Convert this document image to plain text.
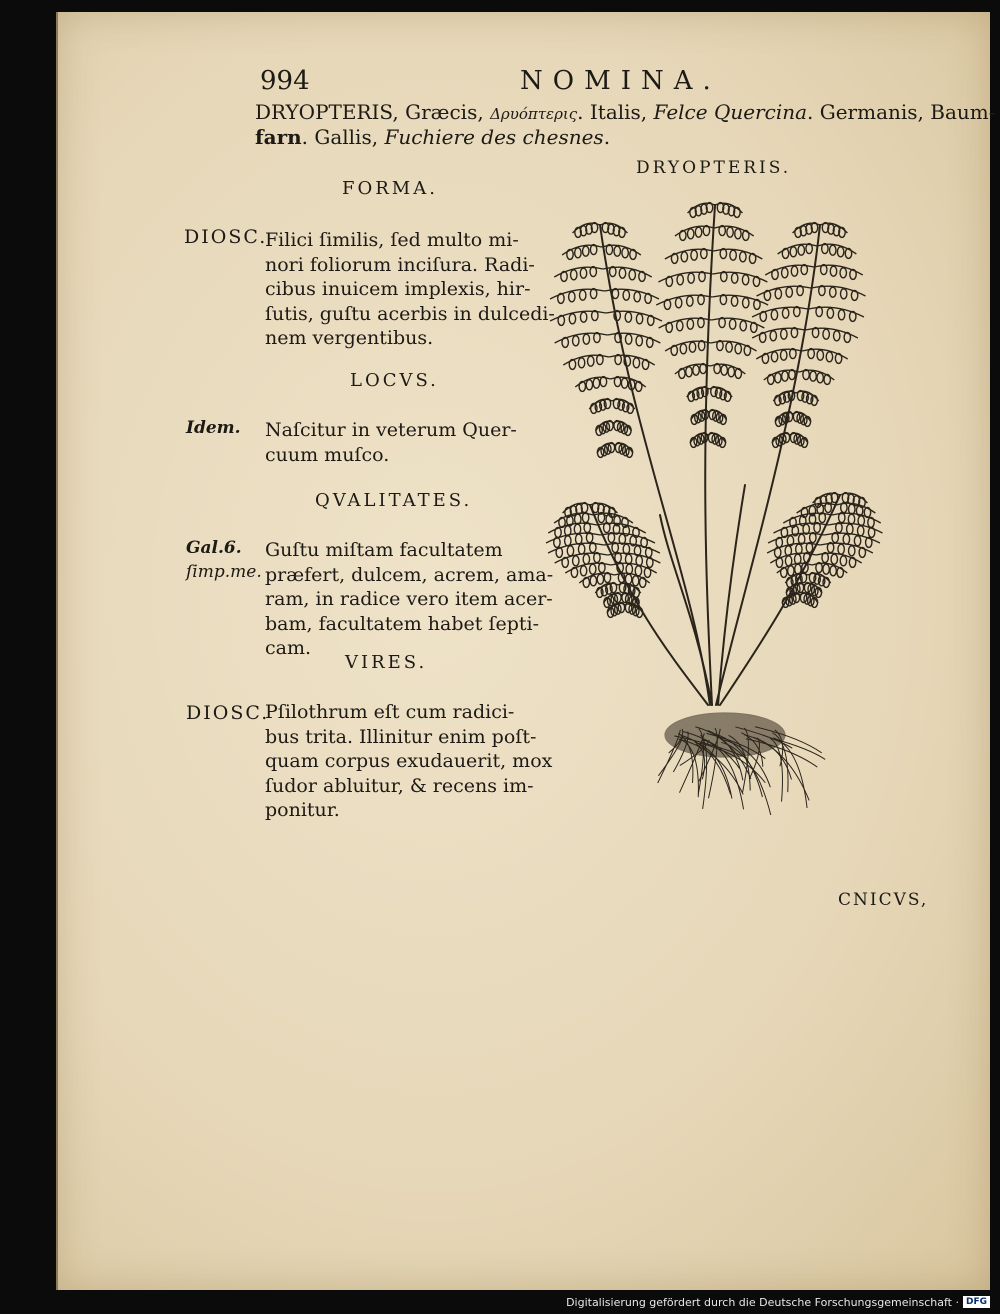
994	NOMINA.
DRYOPTERIS, Græcis, Δρυόπτερις. Italis, Felce Quercina. Germanis, Baum-
farn. Gallis, Fuchiere des chesnes.
DRYOPTERIS.
FORMA.
DIOSC.
Filici ſimilis, ſed multo mi-
nori foliorum inciſura. Radi-
cibus inuicem implexis, hir-
ſutis, guſtu acerbis in dulcedi-
nem vergentibus.
LOCVS.
Idem. Naſcitur in veterum Quer-
cuum muſco.
QVALITATES.
Gal.6.
ſimp.me.
Guſtu miſtam facultatem
præfert, dulcem, acrem, ama-
ram, in radice vero item acer-
bam, facultatem habet ſepti-
cam.
VIRES.
DIOSC.
Pſilothrum eſt cum radici-
bus trita. Illinitur enim poſt-
quam corpus exudauerit, mox
ſudor abluitur, & recens im-
ponitur.
CNICVS,
Digitalisierung gefördert durch die Deutsche Forschungsgemeinschaft · DFG
